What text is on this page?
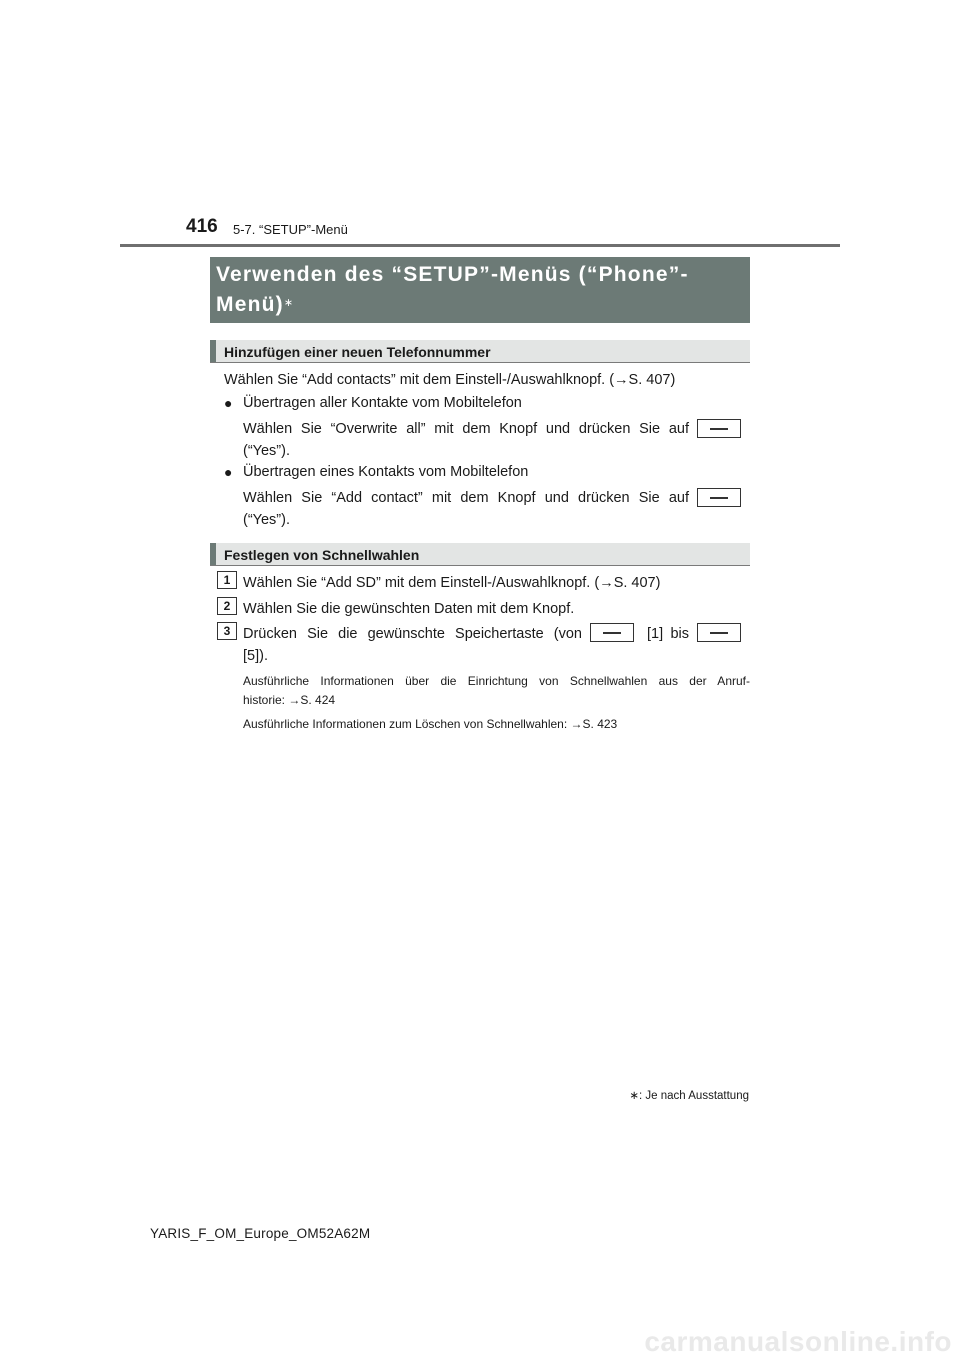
416 5-7. “SETUP”-Menü
Verwenden des “SETUP”-Menüs (“Phone”-
Menü)∗
Hinzufügen einer neuen Telefonnummer
Wählen Sie “Add contacts” mit dem Einstell-/Auswahlknopf. (→S. 407)
● Übertragen aller Kontakte vom Mobiltelefon
Wählen Sie “Overwrite all” mit dem Knopf und drücken Sie auf
(“Yes”).
● Übertragen eines Kontakts vom Mobiltelefon
Wählen Sie “Add contact” mit dem Knopf und drücken Sie auf
(“Yes”).
Festlegen von Schnellwahlen
1 Wählen Sie “Add SD” mit dem Einstell-/Auswahlknopf. (→S. 407)
2 Wählen Sie die gewünschten Daten mit dem Knopf.
3 Drücken Sie die gewünschte Speichertaste (von	[1] bis
[5]).
Ausführliche Informationen über die Einrichtung von Schnellwahlen aus der Anruf-
historie: →S. 424
Ausführliche Informationen zum Löschen von Schnellwahlen: →S. 423
∗: Je nach Ausstattung
YARIS_F_OM_Europe_OM52A62M
carmanualsonline.info
